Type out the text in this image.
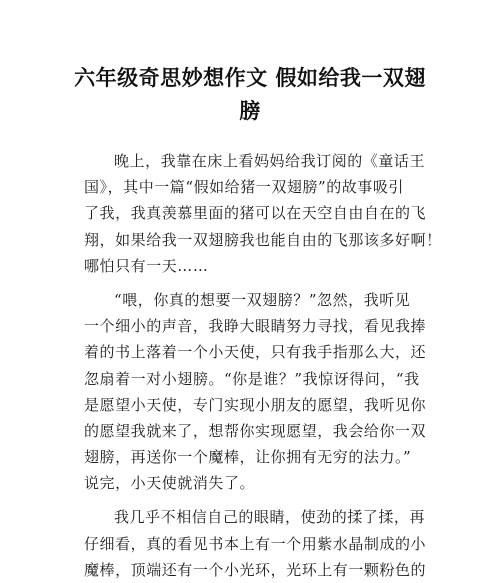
六年级奇思妙想作文 假如给我一双翅
膀
晚上，我靠在床上看妈妈给我订阅的《童话王
国》，其中一篇“假如给猪一双翅膀”的故事吸引
了我，我真羡慕里面的猪可以在天空自由自在的飞
翔，如果给我一双翅膀我也能自由的飞那该多好啊！
哪怕只有一天……
“喂，你真的想要一双翅膀？”忽然，我听见
一个细小的声音，我睁大眼睛努力寻找，看见我捧
着的书上落着一个小天使，只有我手指那么大，还
忽扇着一对小翅膀。“你是谁？”我惊讶得问，“我
是愿望小天使，专门实现小朋友的愿望，我听见你
的愿望我就来了，想帮你实现愿望，我会给你一双
翅膀，再送你一个魔棒，让你拥有无穷的法力。”
说完，小天使就消失了。
我几乎不相信自己的眼睛，使劲的揉了揉，再
仔细看，真的看见书本上有一个用紫水晶制成的小
魔棒，顶端还有一个小光环，光环上有一颗粉色的
